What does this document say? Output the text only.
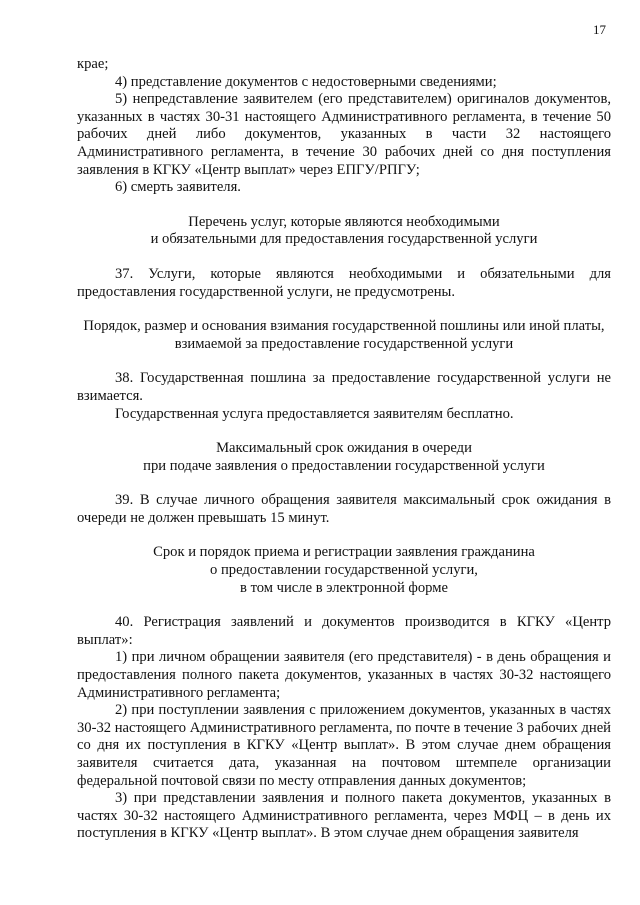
17

крае;

4) представление документов с недостоверными сведениями;

5) непредставление заявителем (его представителем) оригиналов документов, указанных в частях 30-31 настоящего Административного регламента, в течение 50 рабочих дней либо документов, указанных в части 32 настоящего Административного регламента, в течение 30 рабочих дней со дня поступления заявления в КГКУ «Центр выплат» через ЕПГУ/РПГУ;

6) смерть заявителя.

Перечень услуг, которые являются необходимыми

и обязательными для предоставления государственной услуги

37. Услуги, которые являются необходимыми и обязательными для предоставления государственной услуги, не предусмотрены.

Порядок, размер и основания взимания государственной пошлины или иной платы, взимаемой за предоставление государственной услуги

38. Государственная пошлина за предоставление государственной услуги не взимается.

Государственная услуга предоставляется заявителям бесплатно.

Максимальный срок ожидания в очереди

при подаче заявления о предоставлении государственной услуги

39. В случае личного обращения заявителя максимальный срок ожидания в очереди не должен превышать 15 минут.

Срок и порядок приема и регистрации заявления гражданина

о предоставлении государственной услуги,

в том числе в электронной форме

40. Регистрация заявлений и документов производится в КГКУ «Центр выплат»:

1) при личном обращении заявителя (его представителя) - в день обращения и предоставления полного пакета документов, указанных в частях 30-32 настоящего Административного регламента;

2) при поступлении заявления с приложением документов, указанных в частях 30-32 настоящего Административного регламента, по почте в течение 3 рабочих дней со дня их поступления в КГКУ «Центр выплат». В этом случае днем обращения заявителя считается дата, указанная на почтовом штемпеле организации федеральной почтовой связи по месту отправления данных документов;

3) при представлении заявления и полного пакета документов, указанных в частях 30-32 настоящего Административного регламента, через МФЦ – в день их поступления в КГКУ «Центр выплат». В этом случае днем обращения заявителя
